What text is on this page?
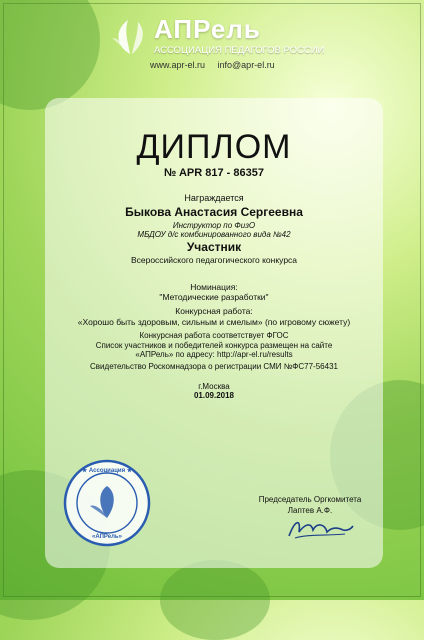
АПРель
АССОЦИАЦИЯ ПЕДАГОГОВ РОССИИ
www.apr-el.ru info@apr-el.ru
ДИПЛОМ
№ APR 817 - 86357
Награждается
Быкова Анастасия Сергеевна
Инструктор по ФизО
МБДОУ д/с комбинированного вида №42
Участник
Всероссийского педагогического конкурса
Номинация:
"Методические разработки"
Конкурсная работа:
«Хорошо быть здоровым, сильным и смелым» (по игровому сюжету)
Конкурсная работа соответствует ФГОС
Список участников и победителей конкурса размещен на сайте
«АПРель» по адресу: http://apr-el.ru/results
Свидетельство Роскомнадзора о регистрации СМИ №ФС77-56431
г.Москва
01.09.2018
Председатель Оргкомитета
Лаптев А.Ф.
★ Ассоциация ★
«АПРель»
